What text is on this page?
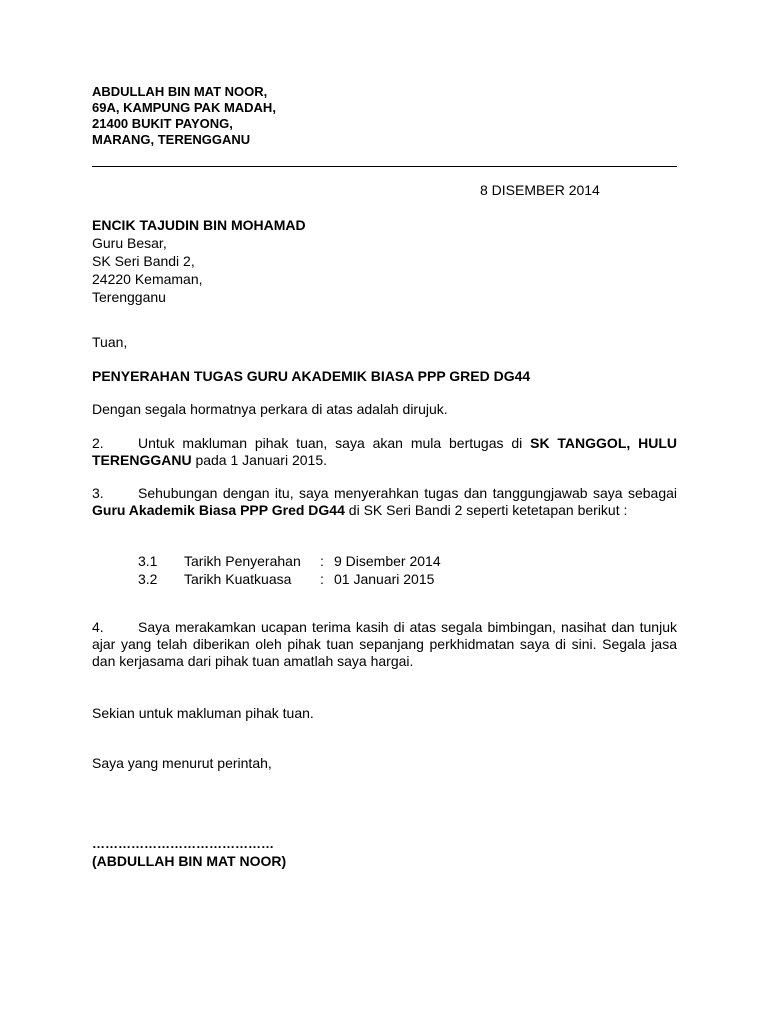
ABDULLAH BIN MAT NOOR,
69A, KAMPUNG PAK MADAH,
21400 BUKIT PAYONG,
MARANG, TERENGGANU
8 DISEMBER 2014
ENCIK TAJUDIN BIN MOHAMAD
Guru Besar,
SK Seri Bandi 2,
24220 Kemaman,
Terengganu
Tuan,
PENYERAHAN TUGAS GURU AKADEMIK BIASA PPP GRED DG44
Dengan segala hormatnya perkara di atas adalah dirujuk.
2. Untuk makluman pihak tuan, saya akan mula bertugas di SK TANGGOL, HULU TERENGGANU pada 1 Januari 2015.
3. Sehubungan dengan itu, saya menyerahkan tugas dan tanggungjawab saya sebagai Guru Akademik Biasa PPP Gred DG44 di SK Seri Bandi 2 seperti ketetapan berikut :
3.1 Tarikh Penyerahan : 9 Disember 2014
3.2 Tarikh Kuatkuasa : 01 Januari 2015
4. Saya merakamkan ucapan terima kasih di atas segala bimbingan, nasihat dan tunjuk ajar yang telah diberikan oleh pihak tuan sepanjang perkhidmatan saya di sini. Segala jasa dan kerjasama dari pihak tuan amatlah saya hargai.
Sekian untuk makluman pihak tuan.
Saya yang menurut perintah,
……………………………………
(ABDULLAH BIN MAT NOOR)
